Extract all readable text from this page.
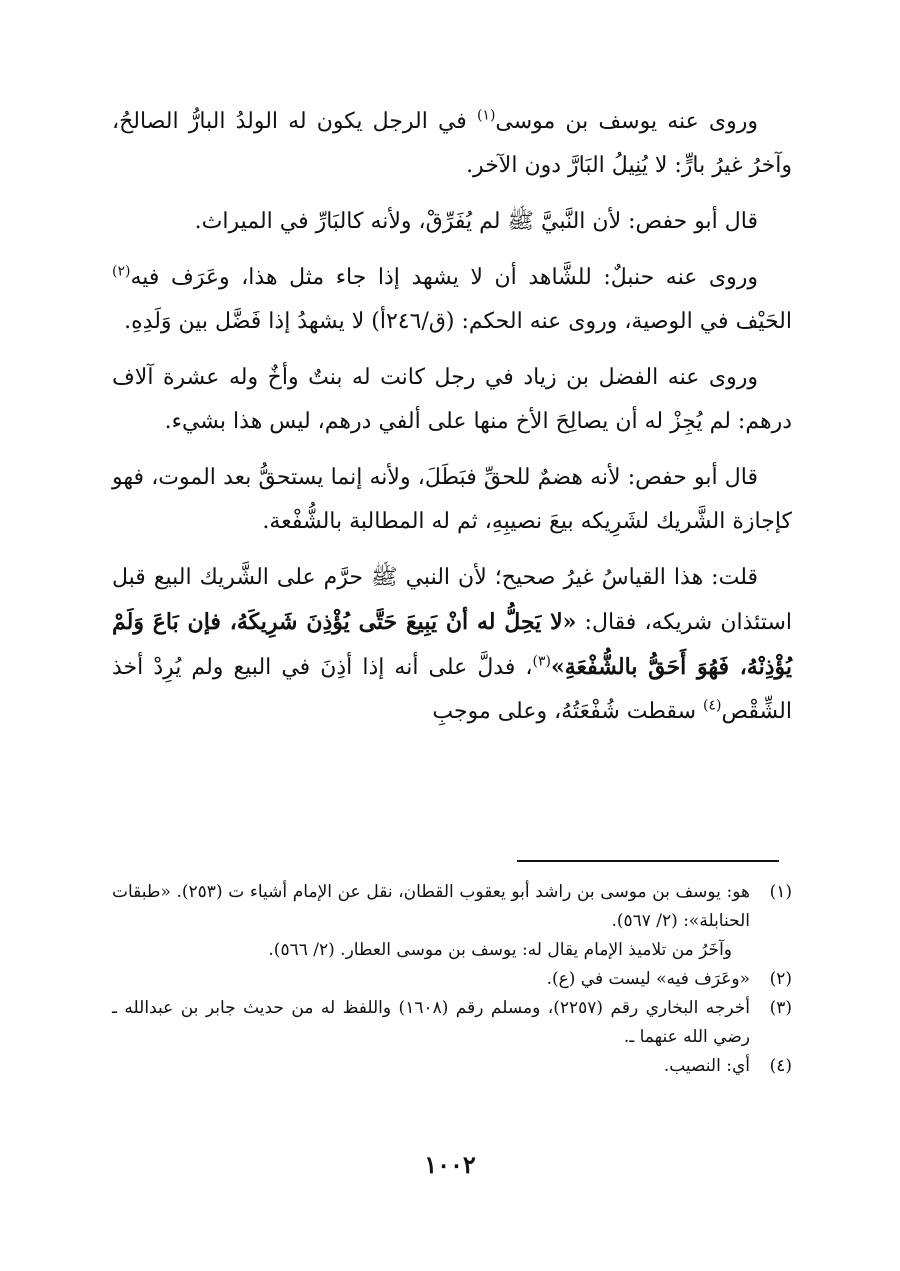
وروى عنه يوسف بن موسى$^{(١)}$ في الرجل يكون له الولدُ البارُّ الصالحُ، وآخرُ غيرُ بارٍّ: لا يُنِيلُ البَارَّ دون الآخر.

قال أبو حفص: لأن النَّبيَّ ﷺ لم يُفَرِّقْ، ولأنه كالبَارِّ في الميراث.

وروى عنه حنبلٌ: للشَّاهد أن لا يشهد إذا جاء مثل هذا، وعَرَف فيه$^{(٢)}$ الحَيْف في الوصية، وروى عنه الحكم: (ق/٢٤٦أ) لا يشهدُ إذا فَضَّل بين وَلَدِهِ.

وروى عنه الفضل بن زياد في رجل كانت له بنتٌ وأخٌ وله عشرة آلاف درهم: لم يُجِزْ له أن يصالِحَ الأخ منها على ألفي درهم، ليس هذا بشيء.

قال أبو حفص: لأنه هضمٌ للحقِّ فبَطَلَ، ولأنه إنما يستحقُّ بعد الموت، فهو كإجازة الشَّريك لشَرِيكه بيعَ نصيبِهِ، ثم له المطالبة بالشُّفْعة.

قلت: هذا القياسُ غيرُ صحيح؛ لأن النبي ﷺ حرَّم على الشَّريك البيع قبل استئذان شريكه، فقال: «لا يَحِلُّ له أنْ يَبِيعَ حَتَّى يُؤْذِنَ شَرِيكَهُ، فإن بَاعَ وَلَمْ يُؤْذِنْهُ، فَهُوَ أَحَقُّ بالشُّفْعَةِ»$^{(٣)}$، فدلَّ على أنه إذا أذِنَ في البيع ولم يُرِدْ أخذ الشِّقْص$^{(٤)}$ سقطت شُفْعَتُهُ، وعلى موجبِ

(١)
هو: يوسف بن موسى بن راشد أبو يعقوب القطان، نقل عن الإمام أشياء ت (٢٥٣). «طبقات الحنابلة»: (٢/ ٥٦٧).
وآخَرُ من تلاميذ الإمام يقال له: يوسف بن موسى العطار. (٢/ ٥٦٦).
(٢)
«وعَرَف فيه» ليست في (ع).
(٣)
أخرجه البخاري رقم (٢٢٥٧)، ومسلم رقم (١٦٠٨) واللفظ له من حديث جابر بن عبدالله ـ رضي الله عنهما ـ.
(٤)
أي: النصيب.
١٠٠٢
